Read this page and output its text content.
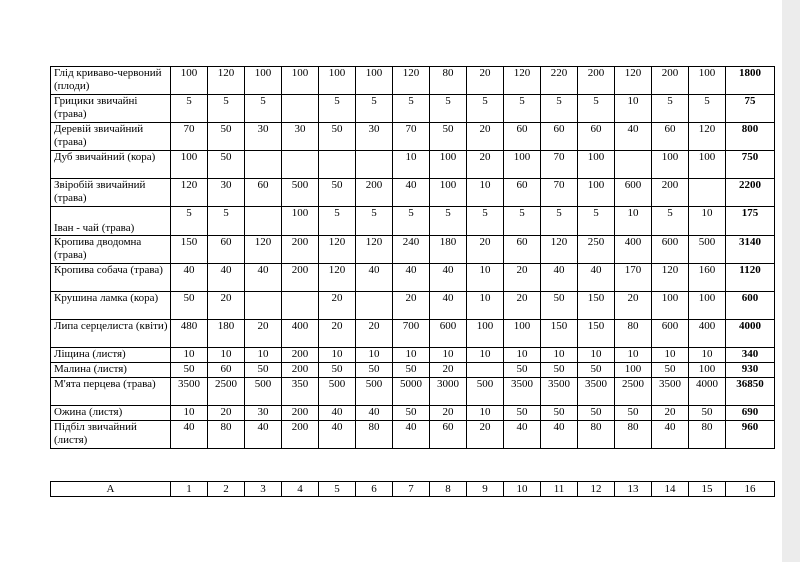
Глід криваво-червоний (плоди)	100	120	100	100	100	100	120	80	20	120	220	200	120	200	100	1800
Грицики звичайні (трава)	5	5	5		5	5	5	5	5	5	5	5	10	5	5	75
Деревій звичайний (трава)	70	50	30	30	50	30	70	50	20	60	60	60	40	60	120	800
Дуб звичайний (кора)	100	50					10	100	20	100	70	100		100	100	750
Звіробій звичайний (трава)	120	30	60	500	50	200	40	100	10	60	70	100	600	200		2200
Іван - чай (трава)	5	5		100	5	5	5	5	5	5	5	5	10	5	10	175
Кропива дводомна (трава)	150	60	120	200	120	120	240	180	20	60	120	250	400	600	500	3140
Кропива собача (трава)	40	40	40	200	120	40	40	40	10	20	40	40	170	120	160	1120
Крушина ламка (кора)	50	20			20		20	40	10	20	50	150	20	100	100	600
Липа серцелиста (квіти)	480	180	20	400	20	20	700	600	100	100	150	150	80	600	400	4000
Ліщина (листя)	10	10	10	200	10	10	10	10	10	10	10	10	10	10	10	340
Малина (листя)	50	60	50	200	50	50	50	20		50	50	50	100	50	100	930
М'ята перцева (трава)	3500	2500	500	350	500	500	5000	3000	500	3500	3500	3500	2500	3500	4000	36850
Ожина (листя)	10	20	30	200	40	40	50	20	10	50	50	50	50	20	50	690
Підбіл звичайний (листя)	40	80	40	200	40	80	40	60	20	40	40	80	80	40	80	960
А	1	2	3	4	5	6	7	8	9	10	11	12	13	14	15	16
